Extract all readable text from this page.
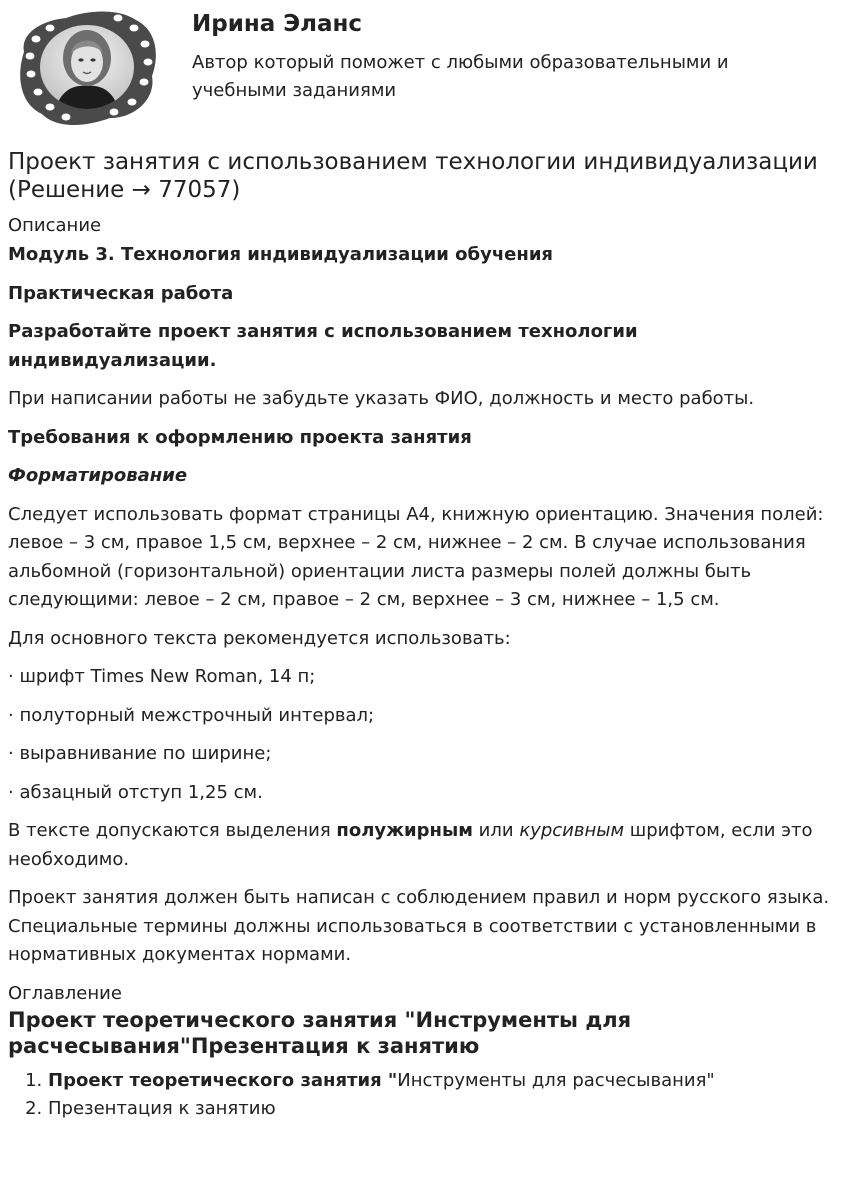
Ирина Эланс

Автор который поможет с любыми образовательными и учебными заданиями

Проект занятия с использованием технологии индивидуализации (Решение → 77057)
Описание

Модуль 3. Технология индивидуализации обучения

Практическая работа

Разработайте проект занятия с использованием технологии индивидуализации.

При написании работы не забудьте указать ФИО, должность и место работы.

Требования к оформлению проекта занятия

Форматирование

Следует использовать формат страницы А4, книжную ориентацию. Значения полей: левое – 3 см, правое 1,5 см, верхнее – 2 см, нижнее – 2 см. В случае использования альбомной (горизонтальной) ориентации листа размеры полей должны быть следующими: левое – 2 см, правое – 2 см, верхнее – 3 см, нижнее – 1,5 см.

Для основного текста рекомендуется использовать:

· шрифт Times New Roman, 14 п;

· полуторный межстрочный интервал;

· выравнивание по ширине;

· абзацный отступ 1,25 см.

В тексте допускаются выделения полужирным или курсивным шрифтом, если это необходимо.

Проект занятия должен быть написан с соблюдением правил и норм русского языка. Специальные термины должны использоваться в соответствии с установленными в нормативных документах нормами.

Оглавление
Проект теоретического занятия "Инструменты для расчесывания"Презентация к занятию
1. Проект теоретического занятия "Инструменты для расчесывания"
2. Презентация к занятию
